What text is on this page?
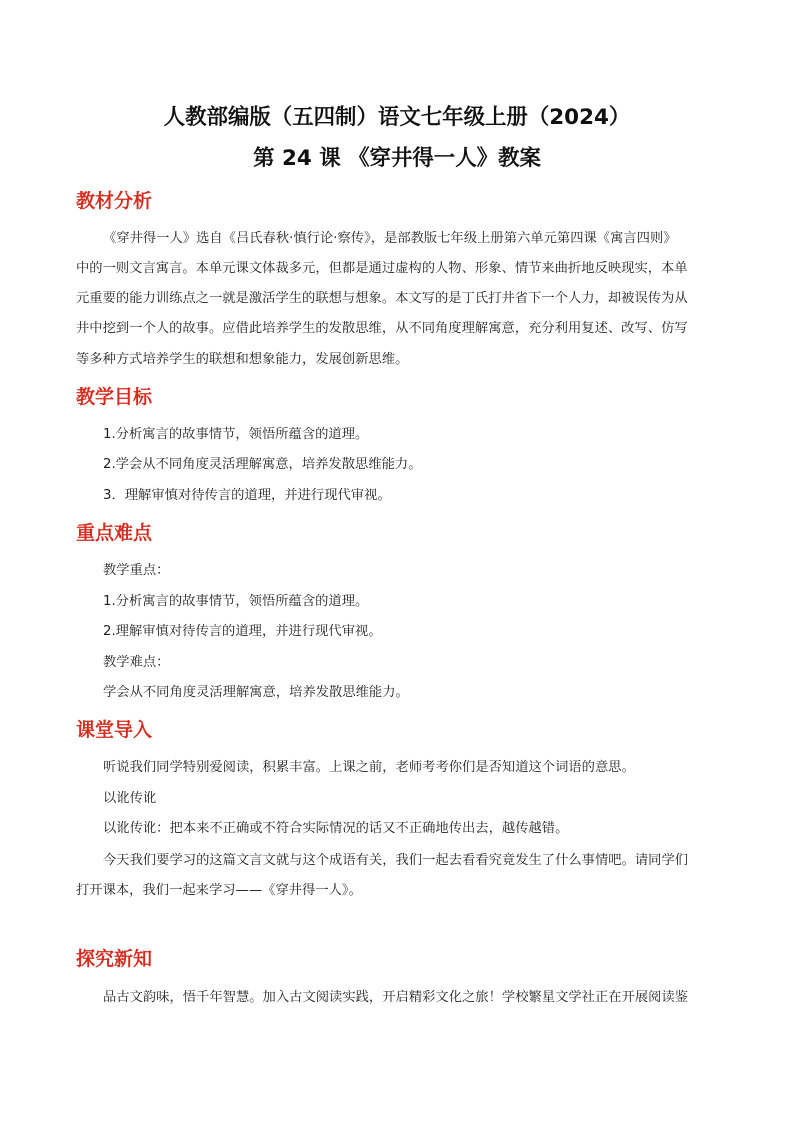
人教部编版（五四制）语文七年级上册（2024）
第 24 课 《穿井得一人》教案
教材分析
《穿井得一人》选自《吕氏春秋·慎行论·察传》，是部教版七年级上册第六单元第四课《寓言四则》
中的一则文言寓言。本单元课文体裁多元，但都是通过虚构的人物、形象、情节来曲折地反映现实，本单
元重要的能力训练点之一就是激活学生的联想与想象。本文写的是丁氏打井省下一个人力，却被误传为从
井中挖到一个人的故事。应借此培养学生的发散思维，从不同角度理解寓意，充分利用复述、改写、仿写
等多种方式培养学生的联想和想象能力，发展创新思维。
教学目标
1.分析寓言的故事情节，领悟所蕴含的道理。
2.学会从不同角度灵活理解寓意，培养发散思维能力。
3．理解审慎对待传言的道理，并进行现代审视。
重点难点
教学重点：
1.分析寓言的故事情节，领悟所蕴含的道理。
2.理解审慎对待传言的道理，并进行现代审视。
教学难点：
学会从不同角度灵活理解寓意，培养发散思维能力。
课堂导入
听说我们同学特别爱阅读，积累丰富。上课之前，老师考考你们是否知道这个词语的意思。
以讹传讹
以讹传讹：把本来不正确或不符合实际情况的话又不正确地传出去，越传越错。
今天我们要学习的这篇文言文就与这个成语有关，我们一起去看看究竟发生了什么事情吧。请同学们
打开课本，我们一起来学习——《穿井得一人》。
探究新知
品古文韵味，悟千年智慧。加入古文阅读实践，开启精彩文化之旅！学校繁星文学社正在开展阅读鉴
